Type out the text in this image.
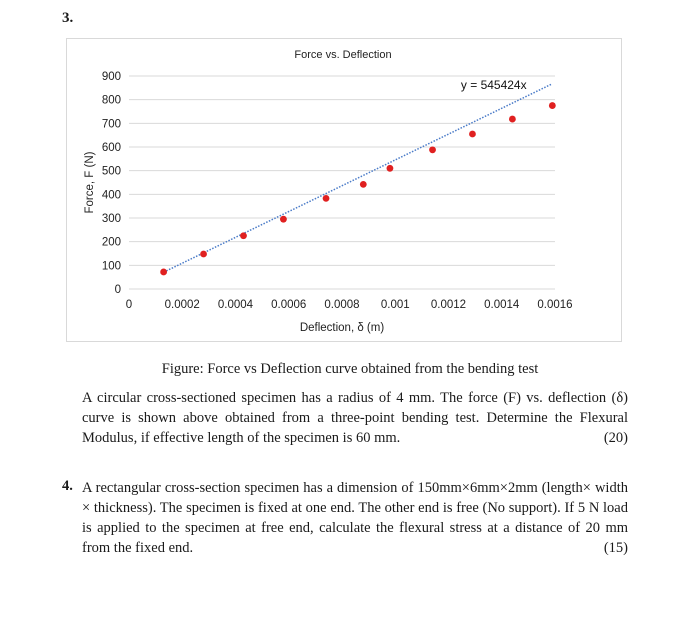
3.
0
100
200
300
400
500
600
700
800
900
0	0.0002 0.0004 0.0006 0.0008 0.001 0.0012 0.0014 0.0016
Force vs. Deflection
Deflection, δ (m)
Force, F (N)
y = 545424x
Figure: Force vs Deflection curve obtained from the bending test
A circular cross-sectioned specimen has a radius of 4 mm. The force (F) vs. deflection (δ) curve is shown above obtained from a three-point bending test. Determine the Flexural Modulus, if effective length of the specimen is 60 mm.	(20)
4. A rectangular cross-section specimen has a dimension of 150mm×6mm×2mm (length× width × thickness). The specimen is fixed at one end. The other end is free (No support). If 5 N load is applied to the specimen at free end, calculate the flexural stress at a distance of 20 mm from the fixed end.	(15)
